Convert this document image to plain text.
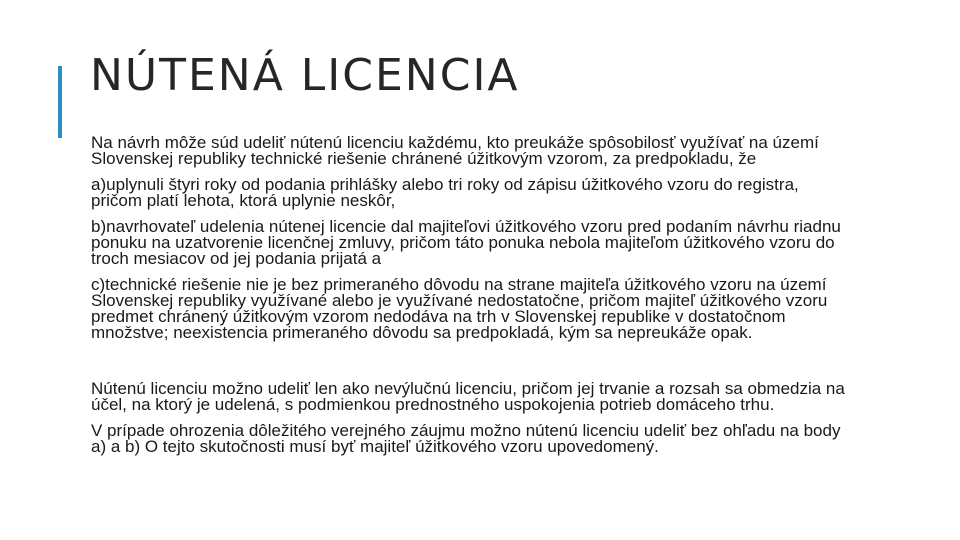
NÚTENÁ LICENCIA

Na návrh môže súd udeliť nútenú licenciu každému, kto preukáže spôsobilosť využívať na území Slovenskej republiky technické riešenie chránené úžitkovým vzorom, za predpokladu, že

a)uplynuli štyri roky od podania prihlášky alebo tri roky od zápisu úžitkového vzoru do registra, pričom platí lehota, ktorá uplynie neskôr,

b)navrhovateľ udelenia nútenej licencie dal majiteľovi úžitkového vzoru pred podaním návrhu riadnu ponuku na uzatvorenie licenčnej zmluvy, pričom táto ponuka nebola majiteľom úžitkového vzoru do troch mesiacov od jej podania prijatá a

c)technické riešenie nie je bez primeraného dôvodu na strane majiteľa úžitkového vzoru na území Slovenskej republiky využívané alebo je využívané nedostatočne, pričom majiteľ úžitkového vzoru predmet chránený úžitkovým vzorom nedodáva na trh v Slovenskej republike v dostatočnom množstve; neexistencia primeraného dôvodu sa predpokladá, kým sa nepreukáže opak.

Nútenú licenciu možno udeliť len ako nevýlučnú licenciu, pričom jej trvanie a rozsah sa obmedzia na účel, na ktorý je udelená, s podmienkou prednostného uspokojenia potrieb domáceho trhu.

V prípade ohrozenia dôležitého verejného záujmu možno nútenú licenciu udeliť bez ohľadu na body a) a b) O tejto skutočnosti musí byť majiteľ úžitkového vzoru upovedomený.
